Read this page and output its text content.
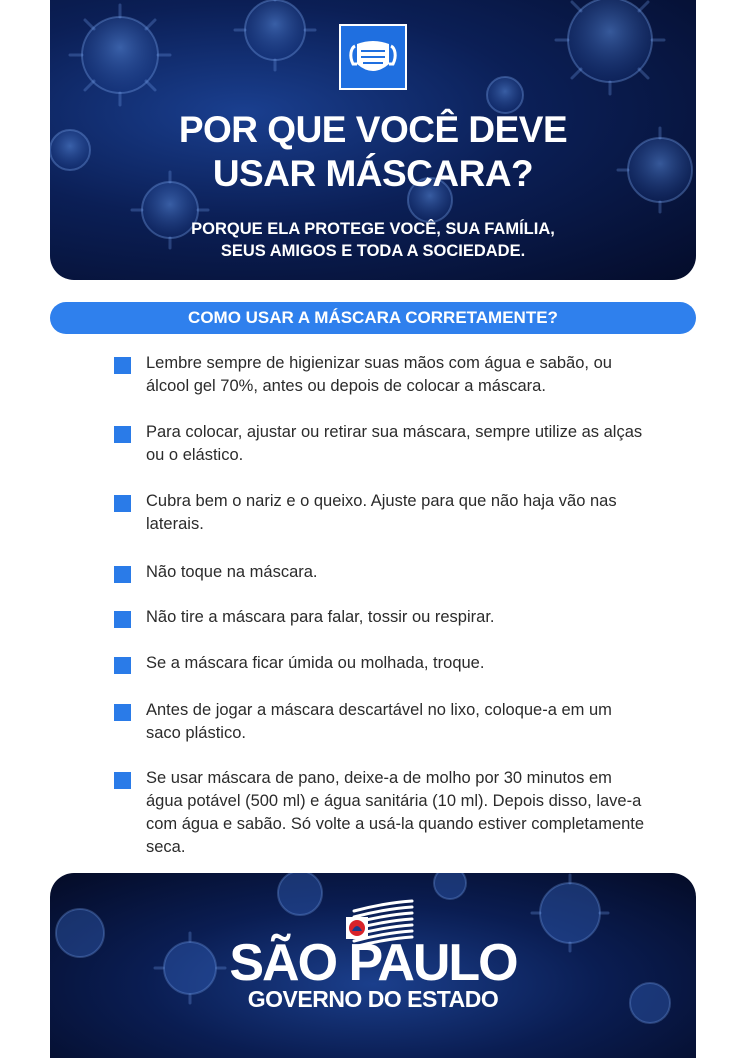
POR QUE VOCÊ DEVE
USAR MÁSCARA?

PORQUE ELA PROTEGE VOCÊ, SUA FAMÍLIA,
SEUS AMIGOS E TODA A SOCIEDADE.

COMO USAR A MÁSCARA CORRETAMENTE?
Lembre sempre de higienizar suas mãos com água e sabão, ou álcool gel 70%, antes ou depois de colocar a máscara.
Para colocar, ajustar ou retirar sua máscara, sempre utilize as alças ou o elástico.
Cubra bem o nariz e o queixo. Ajuste para que não haja vão nas laterais.
Não toque na máscara.
Não tire a máscara para falar, tossir ou respirar.
Se a máscara ficar úmida ou molhada, troque.
Antes de jogar a máscara descartável no lixo, coloque-a em um saco plástico.
Se usar máscara de pano, deixe-a de molho por 30 minutos em água potável (500 ml) e água sanitária (10 ml). Depois disso, lave-a com água e sabão. Só volte a usá-la quando estiver completamente seca.
SÃO PAULO
GOVERNO DO ESTADO
